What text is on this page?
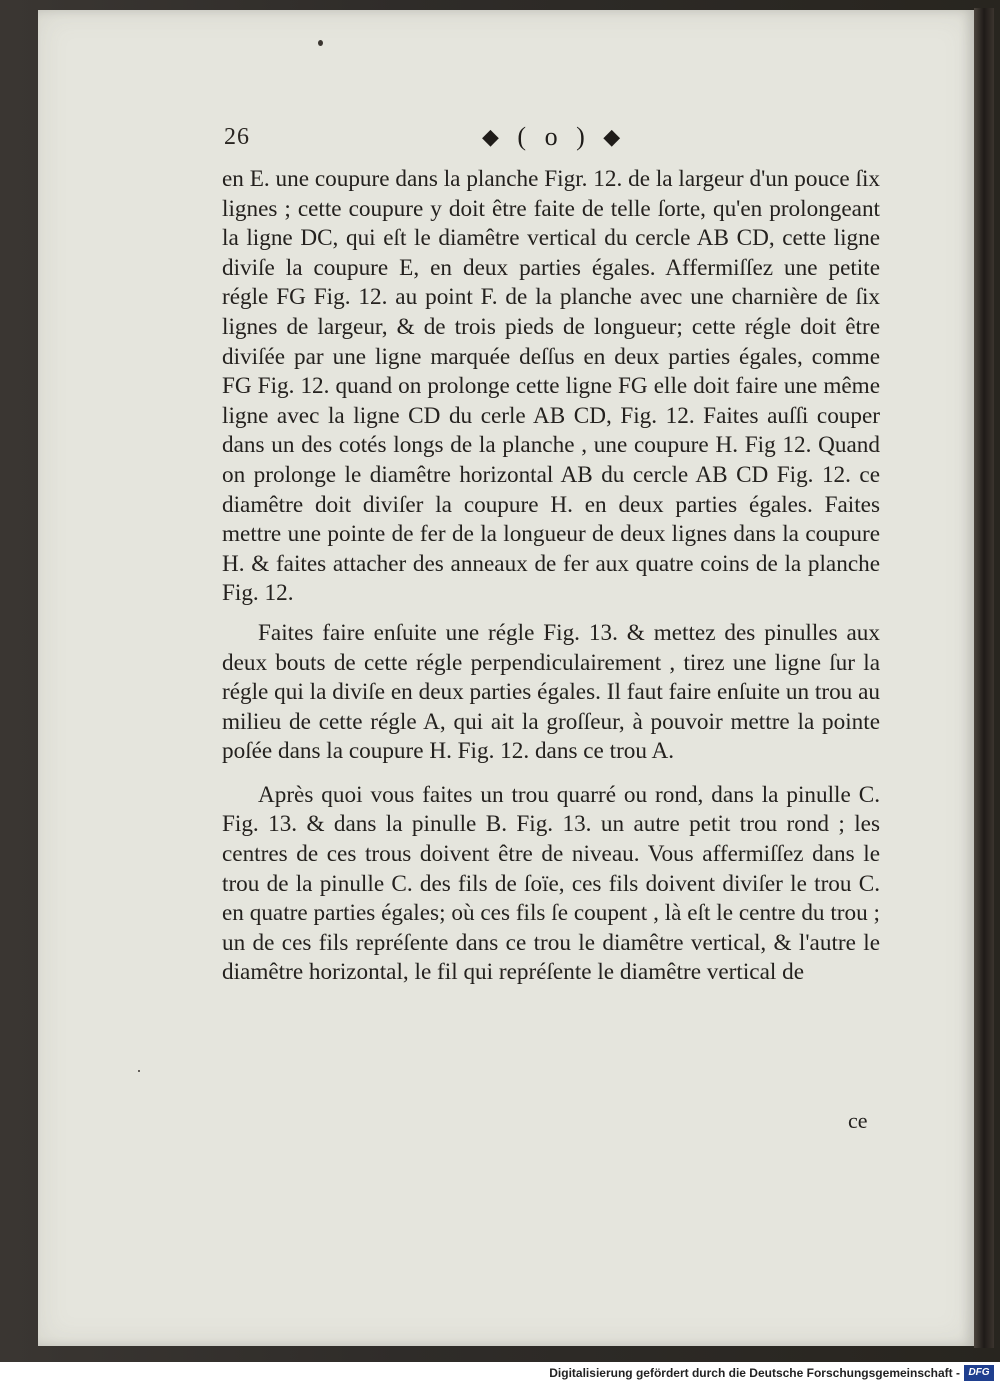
26	◆ ( o ) ◆

en E. une coupure dans la planche Figr. 12. de la largeur d'un pouce ſix lignes ; cette coupure y doit être faite de telle ſorte, qu'en prolongeant la ligne DC, qui eſt le diamêtre vertical du cercle AB CD, cette ligne diviſe la coupure E, en deux parties égales. Affermiſſez une petite régle FG Fig. 12. au point F. de la planche avec une charnière de ſix lignes de largeur, & de trois pieds de longueur; cette régle doit être diviſée par une ligne marquée deſſus en deux parties égales, comme FG Fig. 12. quand on prolonge cette ligne FG elle doit faire une même ligne avec la ligne CD du cerle AB CD, Fig. 12. Faites auſſi couper dans un des cotés longs de la planche , une coupure H. Fig 12. Quand on prolonge le diamêtre horizontal AB du cercle AB CD Fig. 12. ce diamêtre doit diviſer la coupure H. en deux parties égales. Faites mettre une pointe de fer de la longueur de deux lignes dans la coupure H. & faites attacher des anneaux de fer aux quatre coins de la planche Fig. 12.

Faites faire enſuite une régle Fig. 13. & mettez des pinulles aux deux bouts de cette régle perpendiculairement , tirez une ligne ſur la régle qui la diviſe en deux parties égales. Il faut faire enſuite un trou au milieu de cette régle A, qui ait la groſſeur, à pouvoir mettre la pointe poſée dans la coupure H. Fig. 12. dans ce trou A.

Après quoi vous faites un trou quarré ou rond, dans la pinulle C. Fig. 13. & dans la pinulle B. Fig. 13. un autre petit trou rond ; les centres de ces trous doivent être de niveau. Vous affermiſſez dans le trou de la pinulle C. des fils de ſoïe, ces fils doivent diviſer le trou C. en quatre parties égales; où ces fils ſe coupent , là eſt le centre du trou ; un de ces fils repréſente dans ce trou le diamêtre vertical, & l'autre le diamêtre horizontal, le fil qui repréſente le diamêtre vertical de

ce
Digitalisierung gefördert durch die Deutsche Forschungsgemeinschaft - DFG
